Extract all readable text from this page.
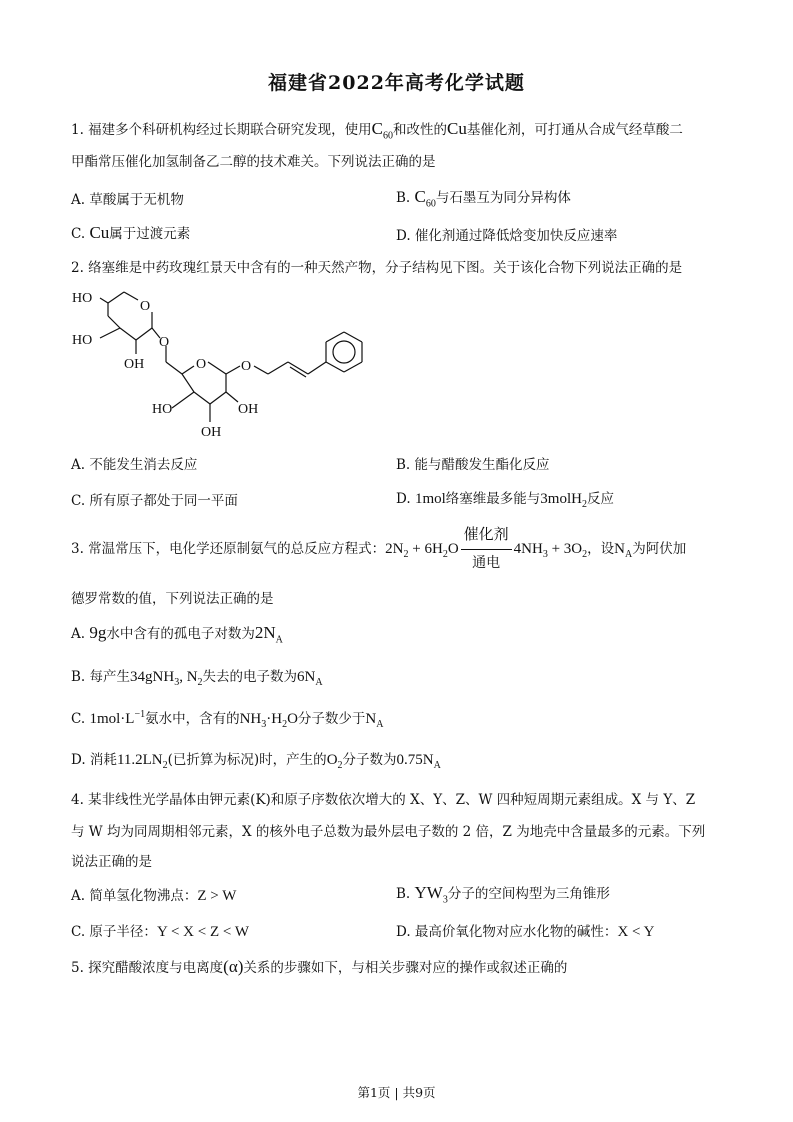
福建省2022年高考化学试题
1. 福建多个科研机构经过长期联合研究发现，使用$C_{60}$和改性的Cu基催化剂，可打通从合成气经草酸二
甲酯常压催化加氢制备乙二醇的技术难关。下列说法正确的是
A. 草酸属于无机物	B. $C_{60}$与石墨互为同分异构体
C. Cu属于过渡元素	D. 催化剂通过降低焓变加快反应速率
2. 络塞维是中药玫瑰红景天中含有的一种天然产物，分子结构见下图。关于该化合物下列说法正确的是
HO
O
HO
OH
O
O O
HO	OH
OH
A. 不能发生消去反应	B. 能与醋酸发生酯化反应
C. 所有原子都处于同一平面	D. 1mol络塞维最多能与3molH$_2$反应
3. 常温常压下，电化学还原制氨气的总反应方程式：$2N_2 + 6H_2O \frac{\text{催化剂}}{\text{通电}} 4NH_3 + 3O_2$，设$N_A$为阿伏加
德罗常数的值，下列说法正确的是
A. 9g水中含有的孤电子对数为$2N_A$
B. 每产生34gNH$_3$, $N_2$失去的电子数为$6N_A$
C. $1mol\cdot L^{-1}$氨水中，含有的$NH_3\cdot H_2O$分子数少于$N_A$
D. 消耗$11.2LN_2$(已折算为标况)时，产生的$O_2$分子数为$0.75N_A$
4. 某非线性光学晶体由钾元素(K)和原子序数依次增大的 X、Y、Z、W 四种短周期元素组成。X 与 Y、Z
与 W 均为同周期相邻元素，X 的核外电子总数为最外层电子数的 2 倍，Z 为地壳中含量最多的元素。下列
说法正确的是
A. 简单氢化物沸点：Z > W	B. $YW_3$分子的空间构型为三角锥形
C. 原子半径：Y < X < Z < W	D. 最高价氧化物对应水化物的碱性：X < Y
5. 探究醋酸浓度与电离度(α)关系的步骤如下，与相关步骤对应的操作或叙述正确的
第1页 | 共9页
